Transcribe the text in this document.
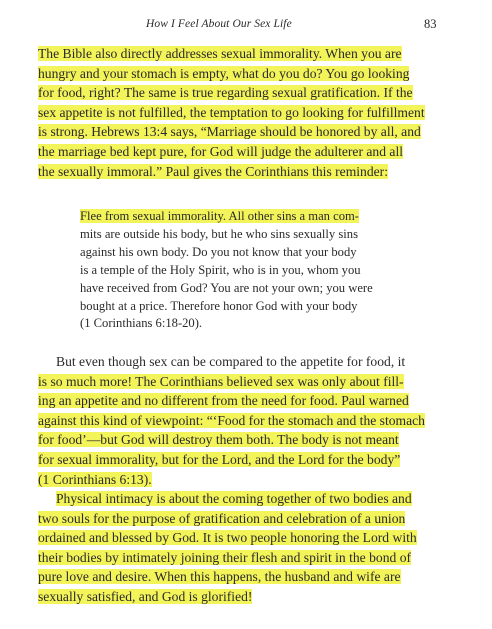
How I Feel About Our Sex Life	83
The Bible also directly addresses sexual immorality. When you are
hungry and your stomach is empty, what do you do? You go looking
for food, right? The same is true regarding sexual gratification. If the
sex appetite is not fulfilled, the temptation to go looking for fulfillment
is strong. Hebrews 13:4 says, “Marriage should be honored by all, and
the marriage bed kept pure, for God will judge the adulterer and all
the sexually immoral.” Paul gives the Corinthians this reminder:
Flee from sexual immorality. All other sins a man com-
mits are outside his body, but he who sins sexually sins
against his own body. Do you not know that your body
is a temple of the Holy Spirit, who is in you, whom you
have received from God? You are not your own; you were
bought at a price. Therefore honor God with your body
(1 Corinthians 6:18-20).
But even though sex can be compared to the appetite for food, it
is so much more! The Corinthians believed sex was only about fill-
ing an appetite and no different from the need for food. Paul warned
against this kind of viewpoint: “‘Food for the stomach and the stomach
for food’—but God will destroy them both. The body is not meant
for sexual immorality, but for the Lord, and the Lord for the body”
(1 Corinthians 6:13).
Physical intimacy is about the coming together of two bodies and
two souls for the purpose of gratification and celebration of a union
ordained and blessed by God. It is two people honoring the Lord with
their bodies by intimately joining their flesh and spirit in the bond of
pure love and desire. When this happens, the husband and wife are
sexually satisfied, and God is glorified!
